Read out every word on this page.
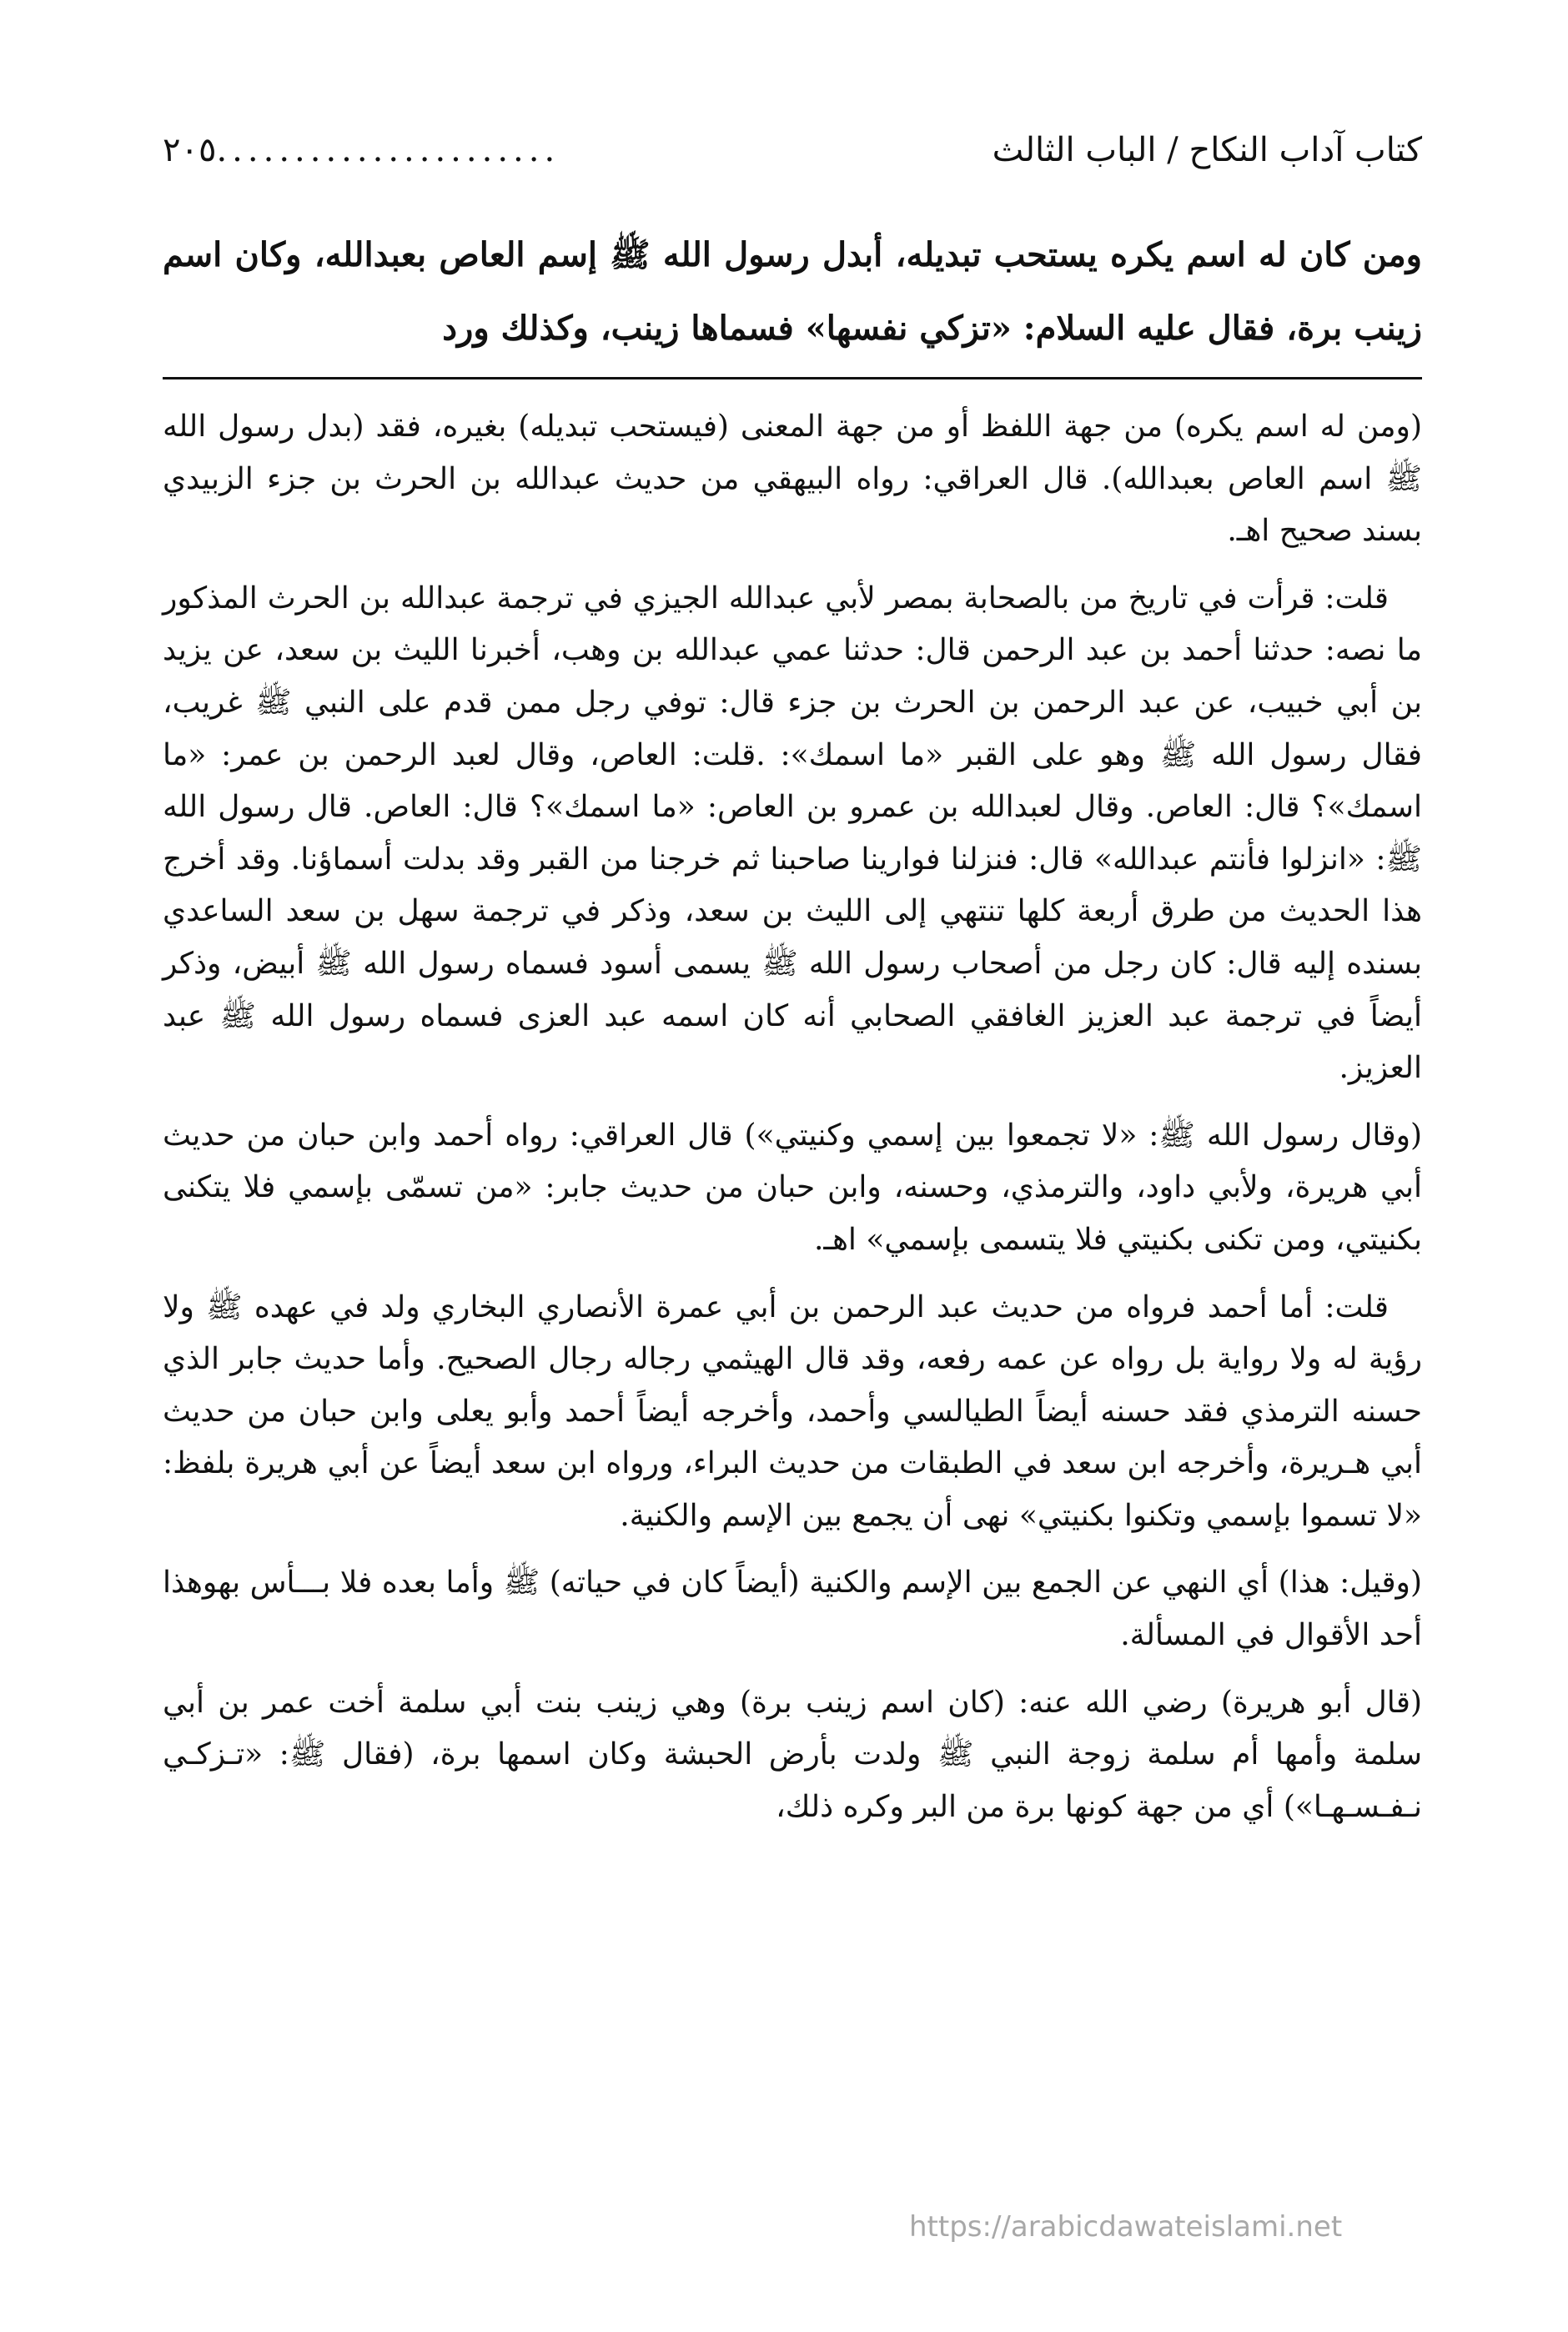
كتاب آداب النكاح / الباب الثالث
٢٠٥ ......................
ومن كان له اسم يكره يستحب تبديله، أبدل رسول الله ﷺ إسم العاص بعبدالله، وكان اسم زينب برة، فقال عليه السلام: «تزكي نفسها» فسماها زينب، وكذلك ورد

(ومن له اسم يكره) من جهة اللفظ أو من جهة المعنى (فيستحب تبديله) بغيره، فقد (بدل رسول الله ﷺ اسم العاص بعبدالله). قال العراقي: رواه البيهقي من حديث عبدالله بن الحرث بن جزء الزبيدي بسند صحيح اهـ.

قلت: قرأت في تاريخ من بالصحابة بمصر لأبي عبدالله الجيزي في ترجمة عبدالله بن الحرث المذكور ما نصه: حدثنا أحمد بن عبد الرحمن قال: حدثنا عمي عبدالله بن وهب، أخبرنا الليث بن سعد، عن يزيد بن أبي خبيب، عن عبد الرحمن بن الحرث بن جزء قال: توفي رجل ممن قدم على النبي ﷺ غريب، فقال رسول الله ﷺ وهو على القبر «ما اسمك»: .قلت: العاص، وقال لعبد الرحمن بن عمر: «ما اسمك»؟ قال: العاص. وقال لعبدالله بن عمرو بن العاص: «ما اسمك»؟ قال: العاص. قال رسول الله ﷺ: «انزلوا فأنتم عبدالله» قال: فنزلنا فوارينا صاحبنا ثم خرجنا من القبر وقد بدلت أسماؤنا. وقد أخرج هذا الحديث من طرق أربعة كلها تنتهي إلى الليث بن سعد، وذكر في ترجمة سهل بن سعد الساعدي بسنده إليه قال: كان رجل من أصحاب رسول الله ﷺ يسمى أسود فسماه رسول الله ﷺ أبيض، وذكر أيضاً في ترجمة عبد العزيز الغافقي الصحابي أنه كان اسمه عبد العزى فسماه رسول الله ﷺ عبد العزيز.

(وقال رسول الله ﷺ: «لا تجمعوا بين إسمي وكنيتي») قال العراقي: رواه أحمد وابن حبان من حديث أبي هريرة، ولأبي داود، والترمذي، وحسنه، وابن حبان من حديث جابر: «من تسمّى بإسمي فلا يتكنى بكنيتي، ومن تكنى بكنيتي فلا يتسمى بإسمي» اهـ.

قلت: أما أحمد فرواه من حديث عبد الرحمن بن أبي عمرة الأنصاري البخاري ولد في عهده ﷺ ولا رؤية له ولا رواية بل رواه عن عمه رفعه، وقد قال الهيثمي رجاله رجال الصحيح. وأما حديث جابر الذي حسنه الترمذي فقد حسنه أيضاً الطيالسي وأحمد، وأخرجه أيضاً أحمد وأبو يعلى وابن حبان من حديث أبي هـريرة، وأخرجه ابن سعد في الطبقات من حديث البراء، ورواه ابن سعد أيضاً عن أبي هريرة بلفظ: «لا تسموا بإسمي وتكنوا بكنيتي» نهى أن يجمع بين الإسم والكنية.

(وقيل: هذا) أي النهي عن الجمع بين الإسم والكنية (أيضاً كان في حياته) ﷺ وأما بعده فلا بـــأس بهوهذا أحد الأقوال في المسألة.

(قال أبو هريرة) رضي الله عنه: (كان اسم زينب برة) وهي زينب بنت أبي سلمة أخت عمر بن أبي سلمة وأمها أم سلمة زوجة النبي ﷺ ولدت بأرض الحبشة وكان اسمها برة، (فقال ﷺ: «تـزكـي نـفـسـهـا») أي من جهة كونها برة من البر وكره ذلك،

https://arabicdawateislami.net
